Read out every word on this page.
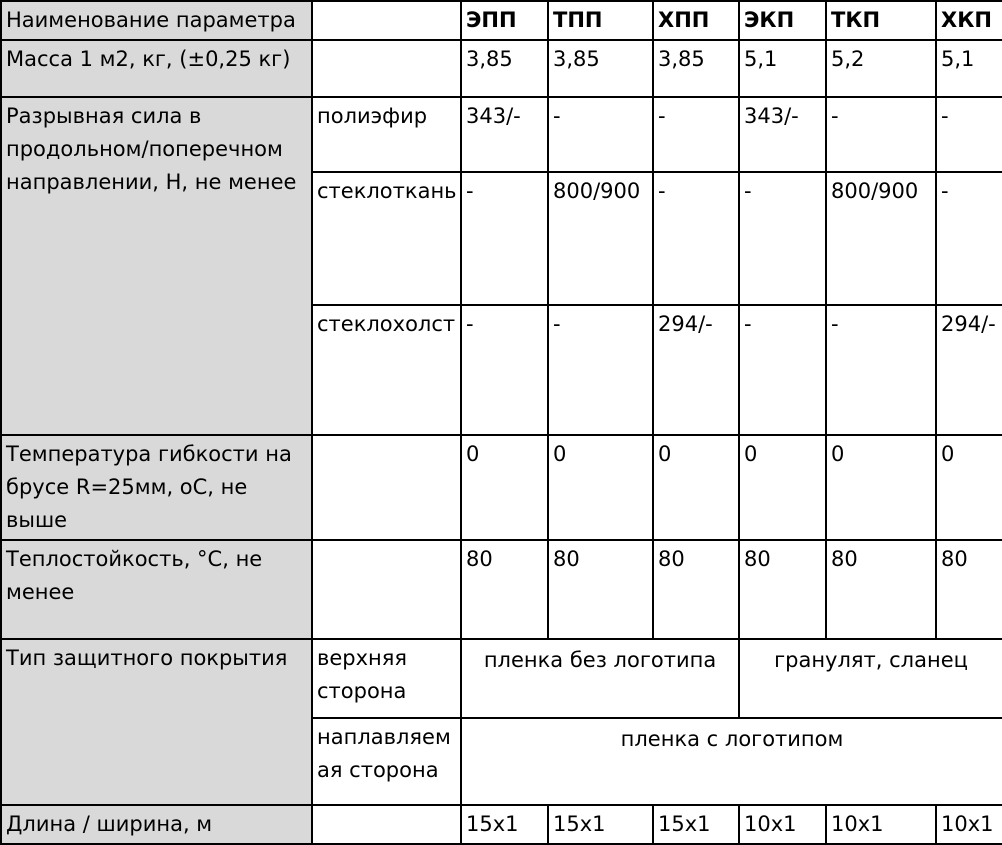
Наименование параметра		ЭПП	ТПП	ХПП	ЭКП	ТКП	ХКП
Масса 1 м2, кг, (±0,25 кг)		3,85	3,85	3,85	5,1	5,2	5,1
Разрывная сила в продольном/поперечном направлении, Н, не менее	полиэфир	343/-	-	-	343/-	-	-
	стеклоткань	-	800/900	-	-	800/900	-
	стеклохолст	-	-	294/-	-	-	294/-
Температура гибкости на брусе R=25мм, оС, не выше		0	0	0	0	0	0
Теплостойкость, °С, не менее		80	80	80	80	80	80
Тип защитного покрытия	верхняя сторона	пленка без логотипа			гранулят, сланец		
	наплавляемая сторона	пленка с логотипом					
Длина / ширина, м		15x1	15x1	15x1	10x1	10x1	10x1
